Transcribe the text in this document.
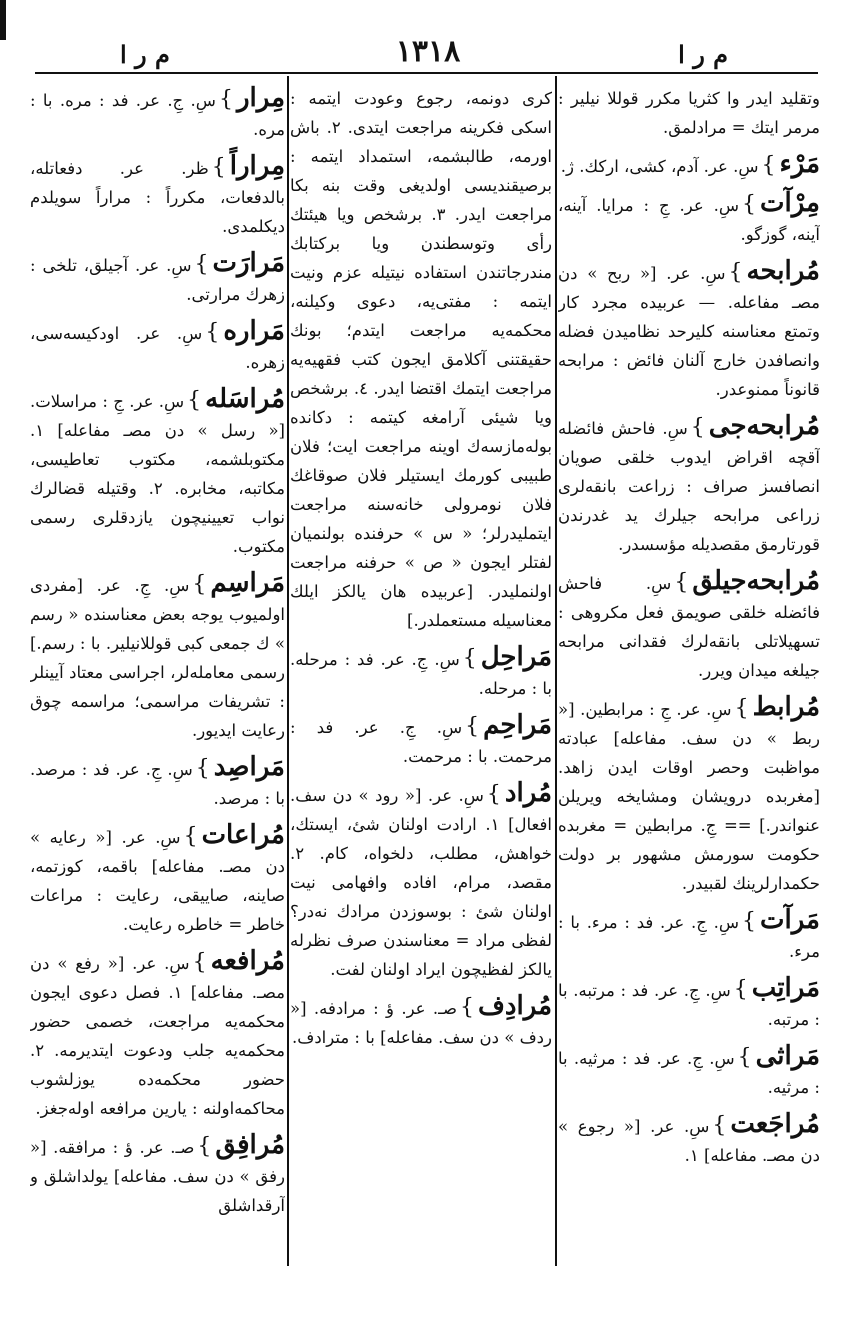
م ر ا	١٣١٨	م ر ا

وتقليد ايدر وا كثريا مكرر قوللا نيلير : مرمر ايتك = مرادلمق.

مَرْء}سِ. عر. آدم، كشى، اركك. ژ.

مِرْآت}سِ. عر. جِ : مرايا. آينه، آينه، گوزگو.

مُرابحه}سِ. عر. [« ربح » دن مصـ مفاعله. — عربيده مجرد كار وتمتع معناسنه كليرحد نظاميدن فضله وانصافدن خارج آلنان فائض : مرابحه قانوناً ممنوعدر.

مُرابحه‌جى}سِ. فاحش فائضله آقچه اقراض ايدوب خلقى صويان انصافسز صراف : زراعت بانقه‌لرى زراعى مرابحه جيلرك يد غدرندن قورتارمق مقصديله مؤسسدر.

مُرابحه‌جيلق}سِ. فاحش فائضله خلقى صويمق فعل مكروهى : تسهيلاتلى بانقه‌لرك فقدانى مرابحه جيلغه ميدان ويرر.

مُرابط}سِ. عر. جِ : مرابطين. [« ربط » دن سف. مفاعله] عبادته مواظبت وحصر اوقات ايدن زاهد. [مغربده درويشان ومشايخه ويريلن عنواندر.] == جِ. مرابطين = مغربده حكومت سورمش مشهور بر دولت حكمدارلرينك لقبيدر.

مَرآت}سِ. جِ. عر. فد : مرء. با : مرء.

مَراتِب}سِ. جِ. عر. فد : مرتبه. با : مرتبه.

مَراثى}سِ. جِ. عر. فد : مرثيه. با : مرثيه.

مُراجَعت}سِ. عر. [« رجوع » دن مصـ. مفاعله] ١.

كرى دونمه، رجوع وعودت ايتمه : اسكى فكرينه مراجعت ايتدى. ٢. باش اورمه، طالبشمه، استمداد ايتمه : برصيقنديسى اولديغى وقت بنه بكا مراجعت ايدر. ٣. برشخص ويا هيئتك رأى وتوسطندن ويا بركتابك مندرجاتندن استفاده نيتيله عزم ونيت ايتمه : مفتى‌يه، دعوى وكيلنه، محكمه‌يه مراجعت ايتدم؛ بونك حقيقتنى آكلامق ايجون كتب فقهيه‌يه مراجعت ايتمك اقتضا ايدر. ٤. برشخص ويا شيئى آرامغه كيتمه : دكانده بوله‌مازسه‌ك اوينه مراجعت ايت؛ فلان طبيبى كورمك ايستيلر فلان صوقاغك فلان نومرولى خانه‌سنه مراجعت ايتمليدرلر؛ « س » حرفنده بولنميان لفتلر ايجون « ص » حرفنه مراجعت اولنمليدر. [عربيده هان يالكز ايلك معناسيله مستعملدر.]

مَراحِل}سِ. جِ. عر. فد : مرحله. با : مرحله.

مَراحِم}سِ. جِ. عر. فد : مرحمت. با : مرحمت.

مُراد}سِ. عر. [« رود » دن سف. افعال] ١. ارادت اولنان شئ، ايستك، خواهش، مطلب، دلخواه، كام. ٢. مقصد، مرام، افاده وافهامى نيت اولنان شئ : بوسوزدن مرادك نه‌در؟ لفظى مراد = معناسندن صرف نظرله يالكز لفظيچون ايراد اولنان لفت.

مُرادِف}صـ. عر. ؤ : مرادفه. [« ردف » دن سف. مفاعله] با : مترادف.

مِرار}سِ. جِ. عر. فد : مره. با : مره.

مِراراً}ظر. عر. دفعاتله، بالدفعات، مكرراً : مراراً سويلدم ديكلمدى.

مَرارَت}سِ. عر. آجيلق، تلخى : زهرك مرارتى.

مَراره}سِ. عر. اودكيسه‌سى، زهره.

مُراسَله}سِ. عر. جِ : مراسلات. [« رسل » دن مصـ مفاعله] ١. مكتوبلشمه، مكتوب تعاطيسى، مكاتبه، مخابره. ٢. وقتيله قضالرك نواب تعيينيچون يازدقلرى رسمى مكتوب.

مَراسِم}سِ. جِ. عر. [مفردى اولميوب يوجه بعض معناسنده « رسم » ك جمعى كبى قوللانيلير. با : رسم.] رسمى معامله‌لر، اجراسى معتاد آيينلر : تشريفات مراسمى؛ مراسمه چوق رعايت ايديور.

مَراصِد}سِ. جِ. عر. فد : مرصد. با : مرصد.

مُراعات}سِ. عر. [« رعايه » دن مصـ. مفاعله] باقمه، كوزتمه، صاينه، صاييقى، رعايت : مراعات خاطر = خاطره رعايت.

مُرافعه}سِ. عر. [« رفع » دن مصـ. مفاعله] ١. فصل دعوى ايجون محكمه‌يه مراجعت، خصمى حضور محكمه‌يه جلب ودعوت ايتديرمه. ٢. حضور محكمه‌ده يوزلشوب محاكمه‌اولنه : يارين مرافعه اوله‌جغز.

مُرافِق}صـ. عر. ؤ : مرافقه. [« رفق » دن سف. مفاعله] يولداشلق و آرقداشلق
